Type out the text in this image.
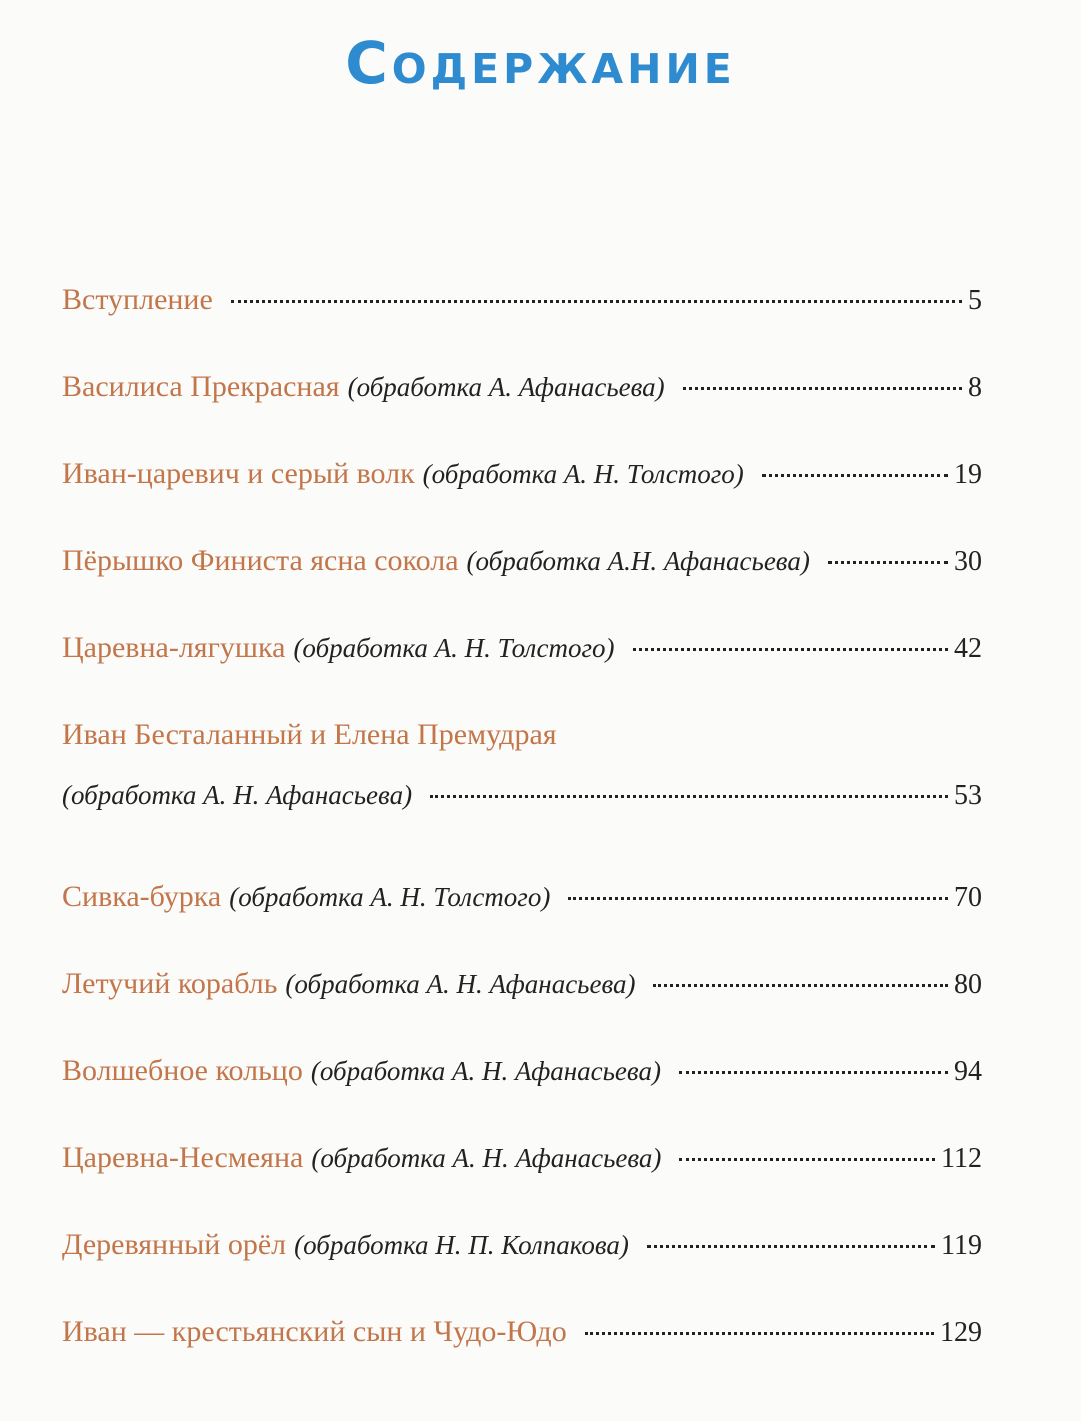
Содержание
Вступление	5
Василиса Прекрасная (обработка А. Афанасьева)	8
Иван-царевич и серый волк (обработка А. Н. Толстого)	19
Пёрышко Финиста ясна сокола (обработка А.Н. Афанасьева)	30
Царевна-лягушка (обработка А. Н. Толстого)	42
Иван Бесталанный и Елена Премудрая
(обработка А. Н. Афанасьева)	53
Сивка-бурка (обработка А. Н. Толстого)	70
Летучий корабль (обработка А. Н. Афанасьева)	80
Волшебное кольцо (обработка А. Н. Афанасьева)	94
Царевна-Несмеяна (обработка А. Н. Афанасьева)	112
Деревянный орёл (обработка Н. П. Колпакова)	119
Иван — крестьянский сын и Чудо-Юдо	129
